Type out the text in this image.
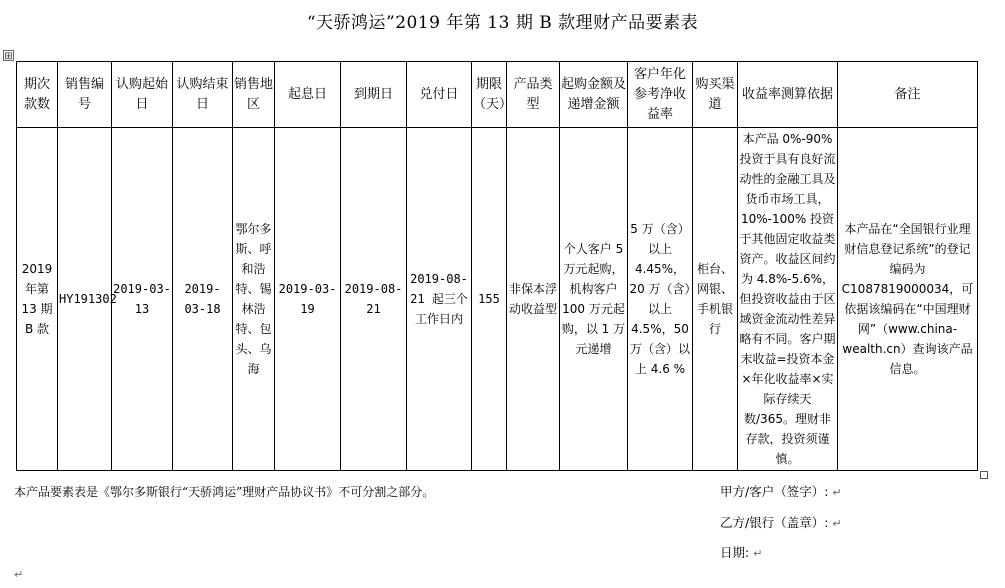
“天骄鸿运”2019 年第 13 期 B 款理财产品要素表
⊞
期次款数	销售编号	认购起始日	认购结束日	销售地区	起息日	到期日	兑付日	期限（天）	产品类型	起购金额及递增金额	客户年化参考净收益率	购买渠道	收益率测算依据	备注
2019 年第 13 期 B 款	HY191302	2019-03-13	2019-03-18	鄂尔多斯、呼和浩特、锡林浩特、包头、乌海	2019-03-19	2019-08-21	2019-08-21 起三个工作日内	155	非保本浮动收益型	个人客户 5 万元起购，机构客户 100 万元起购，以 1 万元递增	5 万（含）以上 4.45%，20 万（含）以上 4.5%，50 万（含）以上 4.6 %	柜台、网银、手机银行	本产品 0%-90% 投资于具有良好流动性的金融工具及货币市场工具，10%-100% 投资于其他固定收益类资产。收益区间约为 4.8%-5.6%，但投资收益由于区域资金流动性差异略有不同。客户期末收益=投资本金×年化收益率×实际存续天数/365。理财非存款，投资须谨慎。	本产品在“全国银行业理财信息登记系统”的登记编码为 C1087819000034，可依据该编码在“中国理财网”（www.china-wealth.cn）查询该产品信息。
本产品要素表是《鄂尔多斯银行“天骄鸿运”理财产品协议书》不可分割之部分。	甲方/客户（签字）: ↵
乙方/银行（盖章）: ↵
日期: ↵
↵
